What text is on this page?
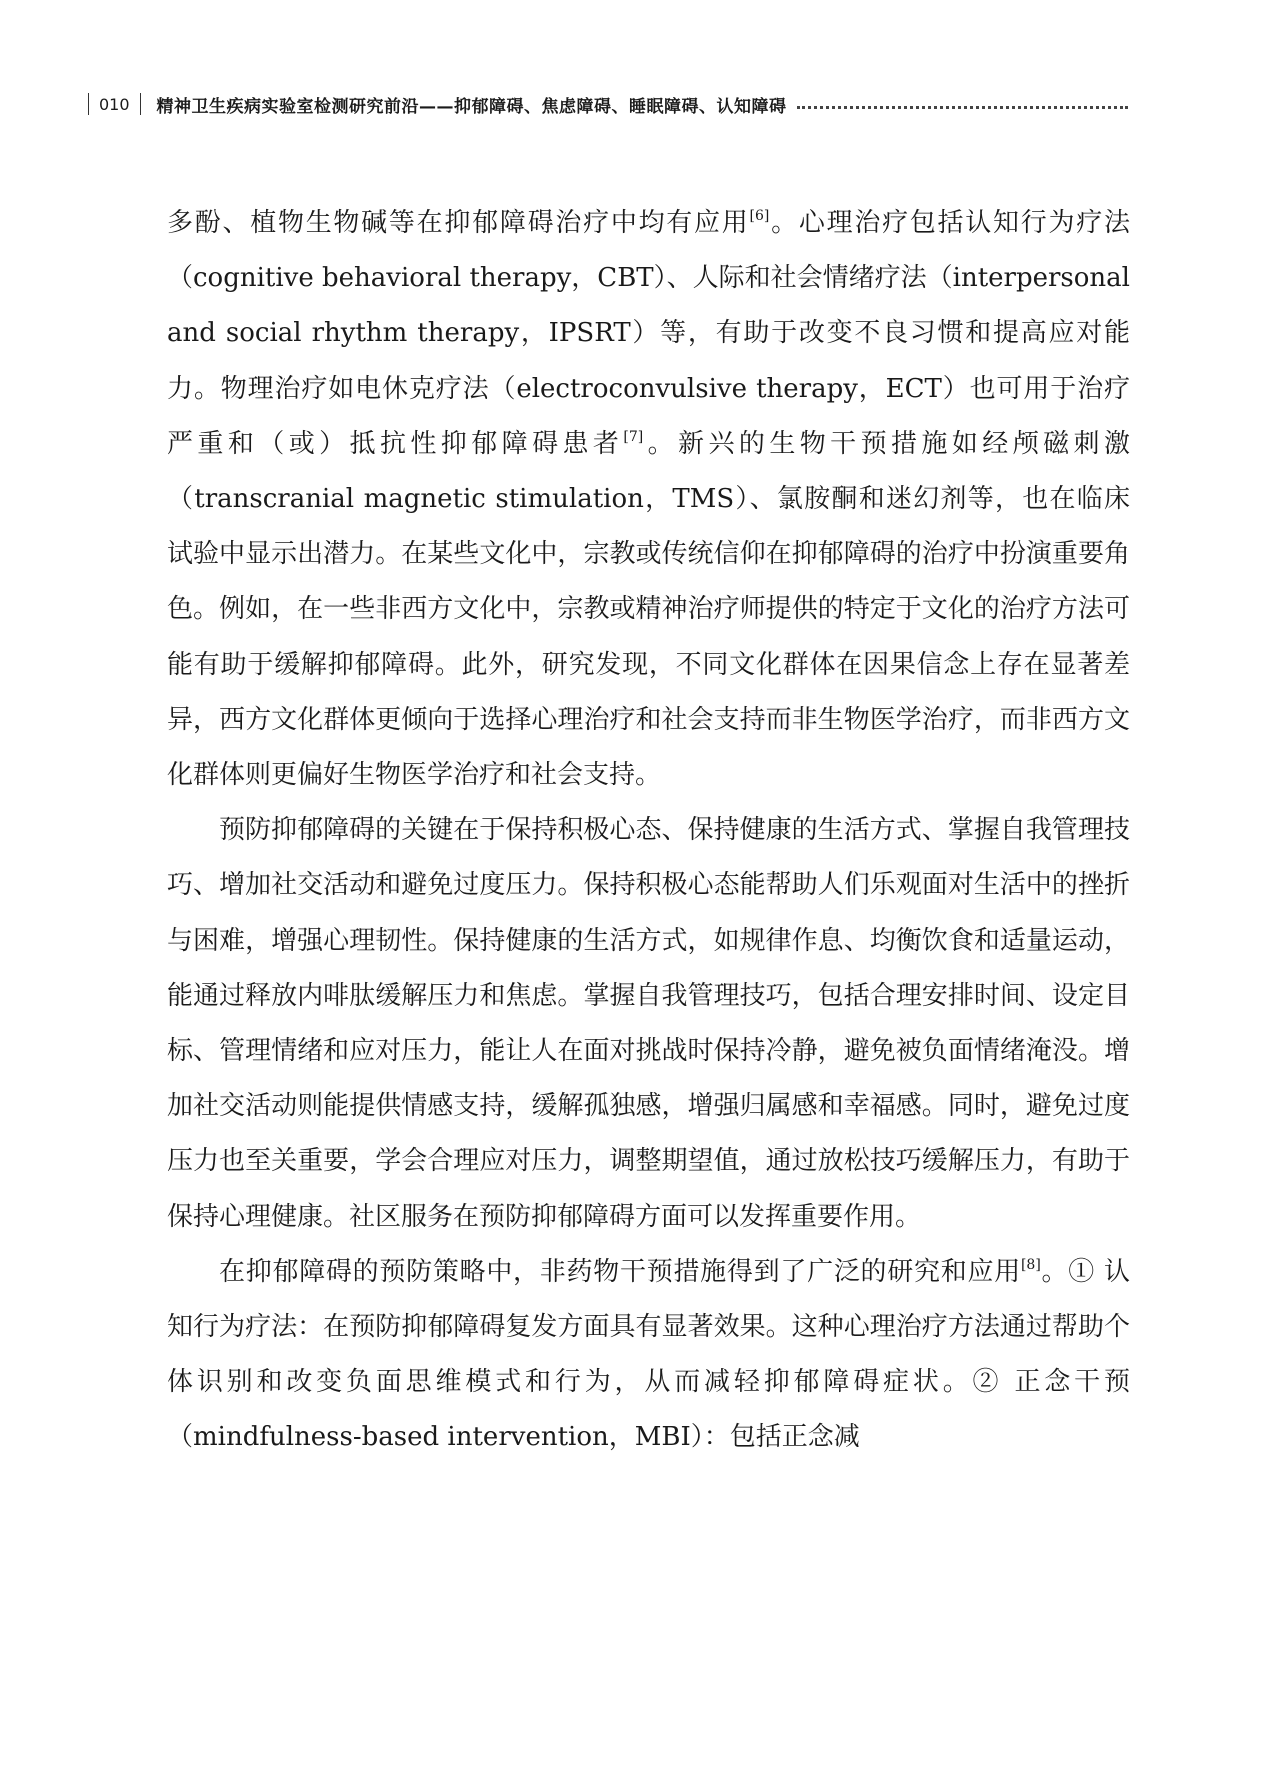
010	精神卫生疾病实验室检测研究前沿——抑郁障碍、焦虑障碍、睡眠障碍、认知障碍

多酚、植物生物碱等在抑郁障碍治疗中均有应用[6]。心理治疗包括认知行为疗法（cognitive behavioral therapy，CBT）、人际和社会情绪疗法（interpersonal and social rhythm therapy，IPSRT）等，有助于改变不良习惯和提高应对能力。物理治疗如电休克疗法（electroconvulsive therapy，ECT）也可用于治疗严重和（或）抵抗性抑郁障碍患者[7]。新兴的生物干预措施如经颅磁刺激（transcranial magnetic stimulation，TMS）、氯胺酮和迷幻剂等，也在临床试验中显示出潜力。在某些文化中，宗教或传统信仰在抑郁障碍的治疗中扮演重要角色。例如，在一些非西方文化中，宗教或精神治疗师提供的特定于文化的治疗方法可能有助于缓解抑郁障碍。此外，研究发现，不同文化群体在因果信念上存在显著差异，西方文化群体更倾向于选择心理治疗和社会支持而非生物医学治疗，而非西方文化群体则更偏好生物医学治疗和社会支持。

预防抑郁障碍的关键在于保持积极心态、保持健康的生活方式、掌握自我管理技巧、增加社交活动和避免过度压力。保持积极心态能帮助人们乐观面对生活中的挫折与困难，增强心理韧性。保持健康的生活方式，如规律作息、均衡饮食和适量运动，能通过释放内啡肽缓解压力和焦虑。掌握自我管理技巧，包括合理安排时间、设定目标、管理情绪和应对压力，能让人在面对挑战时保持冷静，避免被负面情绪淹没。增加社交活动则能提供情感支持，缓解孤独感，增强归属感和幸福感。同时，避免过度压力也至关重要，学会合理应对压力，调整期望值，通过放松技巧缓解压力，有助于保持心理健康。社区服务在预防抑郁障碍方面可以发挥重要作用。

在抑郁障碍的预防策略中，非药物干预措施得到了广泛的研究和应用[8]。① 认知行为疗法：在预防抑郁障碍复发方面具有显著效果。这种心理治疗方法通过帮助个体识别和改变负面思维模式和行为，从而减轻抑郁障碍症状。② 正念干预（mindfulness-based intervention，MBI）：包括正念减
